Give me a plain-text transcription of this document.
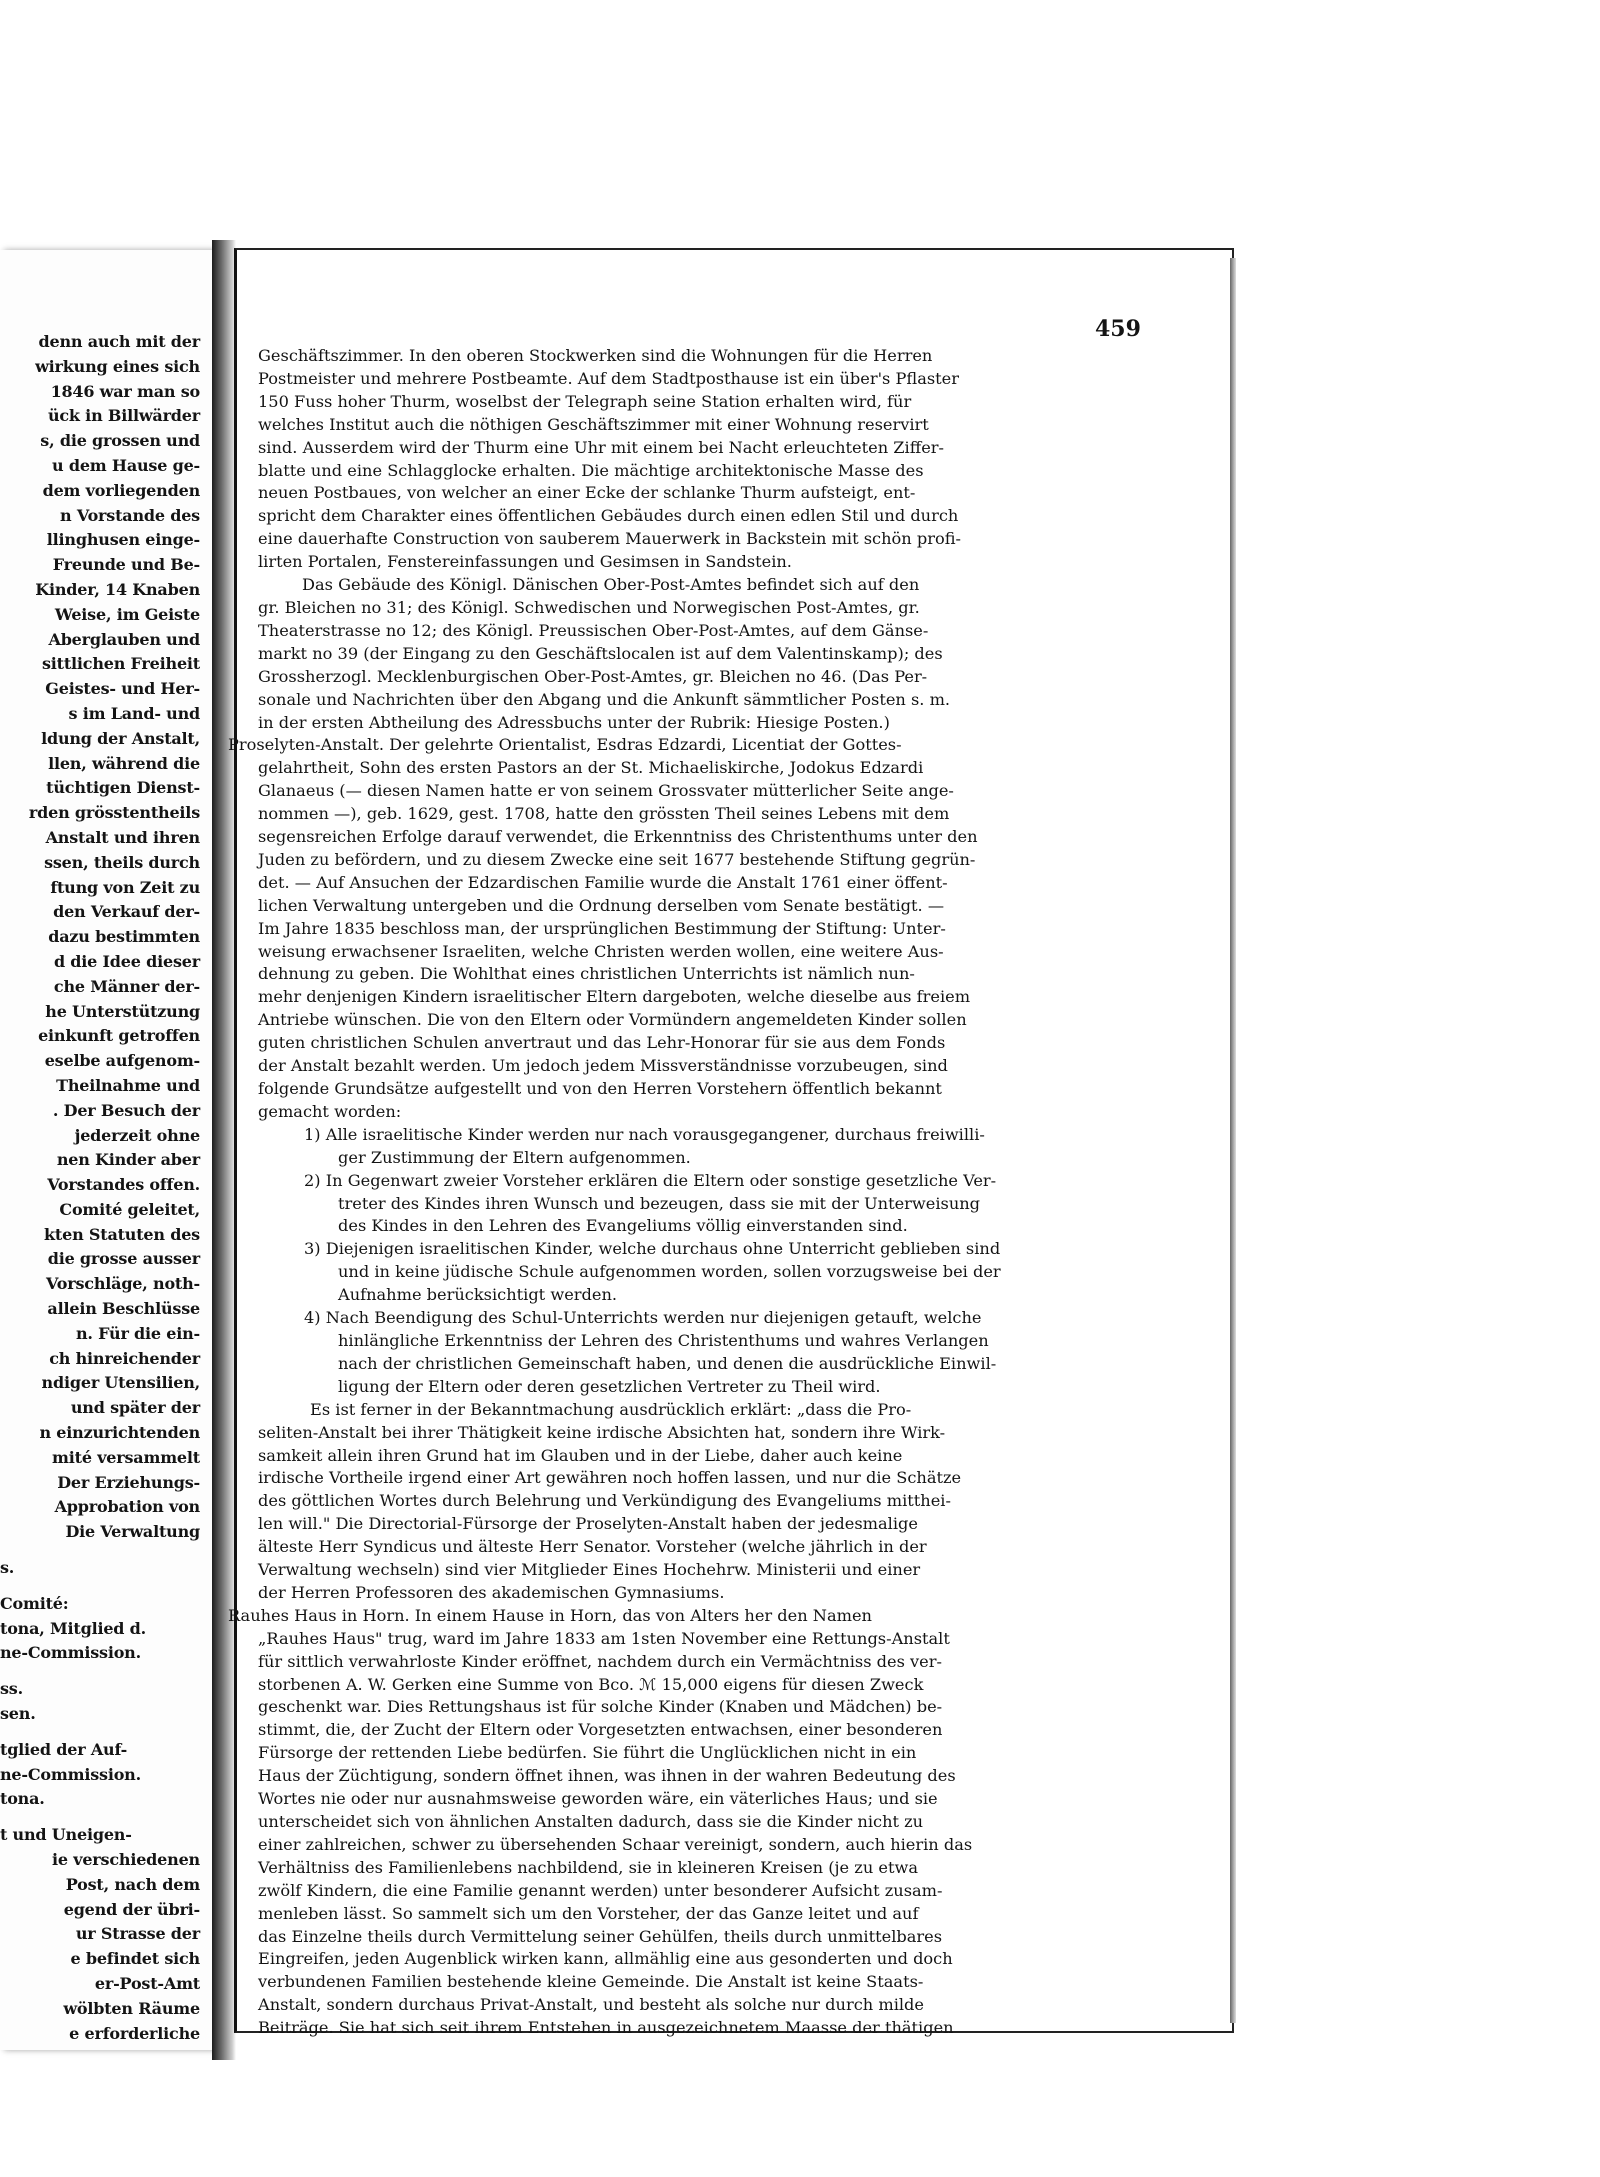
denn auch mit der
wirkung eines sich
1846 war man so
ück in Billwärder
s, die grossen und
u dem Hause ge-
dem vorliegenden
n Vorstande des
llinghusen einge-
Freunde und Be-
Kinder, 14 Knaben
Weise, im Geiste
Aberglauben und
sittlichen Freiheit
Geistes- und Her-
s im Land- und
ldung der Anstalt,
llen, während die
tüchtigen Dienst-
rden grösstentheils
Anstalt und ihren
ssen, theils durch
ftung von Zeit zu
den Verkauf der-
dazu bestimmten
d die Idee dieser
che Männer der-
he Unterstützung
einkunft getroffen
eselbe aufgenom-
Theilnahme und
. Der Besuch der
jederzeit ohne
nen Kinder aber
Vorstandes offen.
Comité geleitet,
kten Statuten des
die grosse ausser
Vorschläge, noth-
allein Beschlüsse
n. Für die ein-
ch hinreichender
ndiger Utensilien,
und später der
n einzurichtenden
mité versammelt
Der Erziehungs-
Approbation von
Die Verwaltung
s.
Comité:
tona, Mitglied d.
ne-Commission.
ss.
sen.
tglied der Auf-
ne-Commission.
tona.
t und Uneigen-
ie verschiedenen
Post, nach dem
egend der übri-
ur Strasse der
e befindet sich
er-Post-Amt
wölbten Räume
e erforderliche
459
Geschäftszimmer. In den oberen Stockwerken sind die Wohnungen für die Herren
Postmeister und mehrere Postbeamte. Auf dem Stadtposthause ist ein über's Pflaster
150 Fuss hoher Thurm, woselbst der Telegraph seine Station erhalten wird, für
welches Institut auch die nöthigen Geschäftszimmer mit einer Wohnung reservirt
sind. Ausserdem wird der Thurm eine Uhr mit einem bei Nacht erleuchteten Ziffer-
blatte und eine Schlagglocke erhalten. Die mächtige architektonische Masse des
neuen Postbaues, von welcher an einer Ecke der schlanke Thurm aufsteigt, ent-
spricht dem Charakter eines öffentlichen Gebäudes durch einen edlen Stil und durch
eine dauerhafte Construction von sauberem Mauerwerk in Backstein mit schön profi-
lirten Portalen, Fenstereinfassungen und Gesimsen in Sandstein.
Das Gebäude des Königl. Dänischen Ober-Post-Amtes befindet sich auf den
gr. Bleichen no 31; des Königl. Schwedischen und Norwegischen Post-Amtes, gr.
Theaterstrasse no 12; des Königl. Preussischen Ober-Post-Amtes, auf dem Gänse-
markt no 39 (der Eingang zu den Geschäftslocalen ist auf dem Valentinskamp); des
Grossherzogl. Mecklenburgischen Ober-Post-Amtes, gr. Bleichen no 46. (Das Per-
sonale und Nachrichten über den Abgang und die Ankunft sämmtlicher Posten s. m.
in der ersten Abtheilung des Adressbuchs unter der Rubrik: Hiesige Posten.)
Proselyten-Anstalt. Der gelehrte Orientalist, Esdras Edzardi, Licentiat der Gottes-
gelahrtheit, Sohn des ersten Pastors an der St. Michaeliskirche, Jodokus Edzardi
Glanaeus (— diesen Namen hatte er von seinem Grossvater mütterlicher Seite ange-
nommen —), geb. 1629, gest. 1708, hatte den grössten Theil seines Lebens mit dem
segensreichen Erfolge darauf verwendet, die Erkenntniss des Christenthums unter den
Juden zu befördern, und zu diesem Zwecke eine seit 1677 bestehende Stiftung gegrün-
det. — Auf Ansuchen der Edzardischen Familie wurde die Anstalt 1761 einer öffent-
lichen Verwaltung untergeben und die Ordnung derselben vom Senate bestätigt. —
Im Jahre 1835 beschloss man, der ursprünglichen Bestimmung der Stiftung: Unter-
weisung erwachsener Israeliten, welche Christen werden wollen, eine weitere Aus-
dehnung zu geben. Die Wohlthat eines christlichen Unterrichts ist nämlich nun-
mehr denjenigen Kindern israelitischer Eltern dargeboten, welche dieselbe aus freiem
Antriebe wünschen. Die von den Eltern oder Vormündern angemeldeten Kinder sollen
guten christlichen Schulen anvertraut und das Lehr-Honorar für sie aus dem Fonds
der Anstalt bezahlt werden. Um jedoch jedem Missverständnisse vorzubeugen, sind
folgende Grundsätze aufgestellt und von den Herren Vorstehern öffentlich bekannt
gemacht worden:
1) Alle israelitische Kinder werden nur nach vorausgegangener, durchaus freiwilli-
ger Zustimmung der Eltern aufgenommen.
2) In Gegenwart zweier Vorsteher erklären die Eltern oder sonstige gesetzliche Ver-
treter des Kindes ihren Wunsch und bezeugen, dass sie mit der Unterweisung
des Kindes in den Lehren des Evangeliums völlig einverstanden sind.
3) Diejenigen israelitischen Kinder, welche durchaus ohne Unterricht geblieben sind
und in keine jüdische Schule aufgenommen worden, sollen vorzugsweise bei der
Aufnahme berücksichtigt werden.
4) Nach Beendigung des Schul-Unterrichts werden nur diejenigen getauft, welche
hinlängliche Erkenntniss der Lehren des Christenthums und wahres Verlangen
nach der christlichen Gemeinschaft haben, und denen die ausdrückliche Einwil-
ligung der Eltern oder deren gesetzlichen Vertreter zu Theil wird.
Es ist ferner in der Bekanntmachung ausdrücklich erklärt: „dass die Pro-
seliten-Anstalt bei ihrer Thätigkeit keine irdische Absichten hat, sondern ihre Wirk-
samkeit allein ihren Grund hat im Glauben und in der Liebe, daher auch keine
irdische Vortheile irgend einer Art gewähren noch hoffen lassen, und nur die Schätze
des göttlichen Wortes durch Belehrung und Verkündigung des Evangeliums mitthei-
len will." Die Directorial-Fürsorge der Proselyten-Anstalt haben der jedesmalige
älteste Herr Syndicus und älteste Herr Senator. Vorsteher (welche jährlich in der
Verwaltung wechseln) sind vier Mitglieder Eines Hochehrw. Ministerii und einer
der Herren Professoren des akademischen Gymnasiums.
Rauhes Haus in Horn. In einem Hause in Horn, das von Alters her den Namen
„Rauhes Haus" trug, ward im Jahre 1833 am 1sten November eine Rettungs-Anstalt
für sittlich verwahrloste Kinder eröffnet, nachdem durch ein Vermächtniss des ver-
storbenen A. W. Gerken eine Summe von Bco. ℳ 15,000 eigens für diesen Zweck
geschenkt war. Dies Rettungshaus ist für solche Kinder (Knaben und Mädchen) be-
stimmt, die, der Zucht der Eltern oder Vorgesetzten entwachsen, einer besonderen
Fürsorge der rettenden Liebe bedürfen. Sie führt die Unglücklichen nicht in ein
Haus der Züchtigung, sondern öffnet ihnen, was ihnen in der wahren Bedeutung des
Wortes nie oder nur ausnahmsweise geworden wäre, ein väterliches Haus; und sie
unterscheidet sich von ähnlichen Anstalten dadurch, dass sie die Kinder nicht zu
einer zahlreichen, schwer zu übersehenden Schaar vereinigt, sondern, auch hierin das
Verhältniss des Familienlebens nachbildend, sie in kleineren Kreisen (je zu etwa
zwölf Kindern, die eine Familie genannt werden) unter besonderer Aufsicht zusam-
menleben lässt. So sammelt sich um den Vorsteher, der das Ganze leitet und auf
das Einzelne theils durch Vermittelung seiner Gehülfen, theils durch unmittelbares
Eingreifen, jeden Augenblick wirken kann, allmählig eine aus gesonderten und doch
verbundenen Familien bestehende kleine Gemeinde. Die Anstalt ist keine Staats-
Anstalt, sondern durchaus Privat-Anstalt, und besteht als solche nur durch milde
Beiträge. Sie hat sich seit ihrem Entstehen in ausgezeichnetem Maasse der thätigen
